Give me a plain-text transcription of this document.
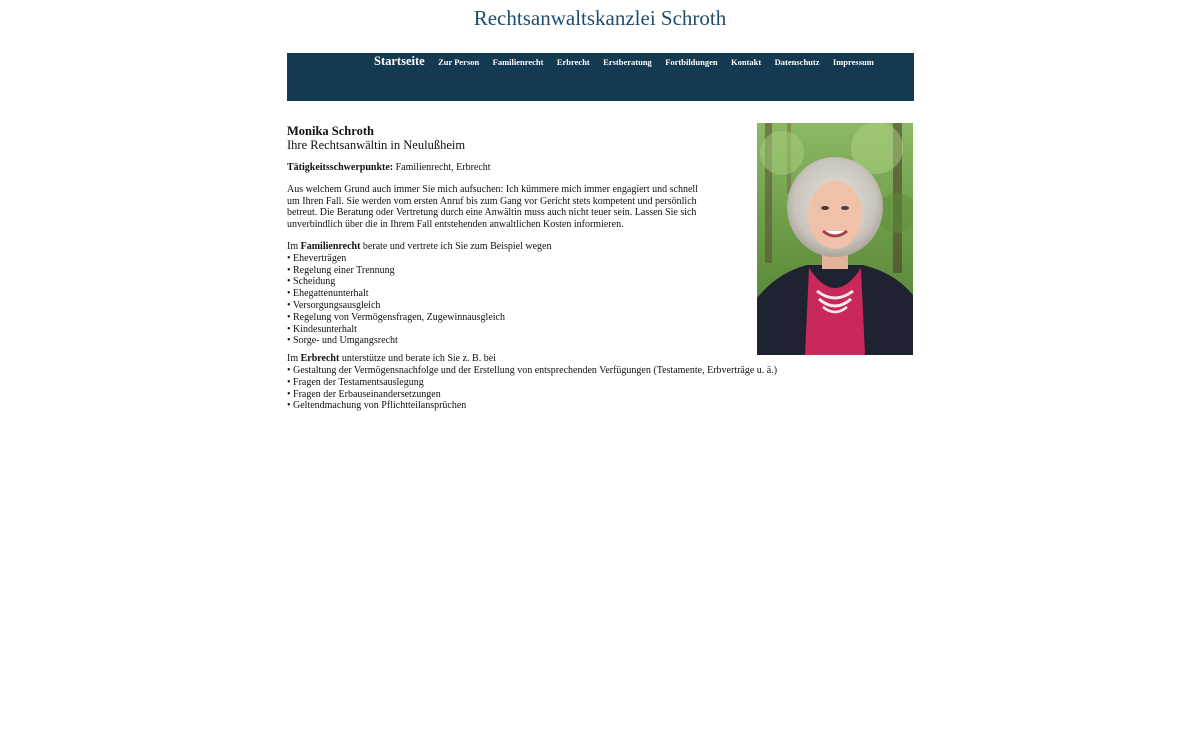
Rechtsanwaltskanzlei Schroth
Startseite Zur Person Familienrecht Erbrecht Erstberatung Fortbildungen Kontakt Datenschutz Impressum
Monika Schroth
Ihre Rechtsanwältin in Neulußheim

Tätigkeitsschwerpunkte: Familienrecht, Erbrecht

Aus welchem Grund auch immer Sie mich aufsuchen: Ich kümmere mich immer engagiert und schnell um Ihren Fall. Sie werden vom ersten Anruf bis zum Gang vor Gericht stets kompetent und persönlich betreut. Die Beratung oder Vertretung durch eine Anwältin muss auch nicht teuer sein. Lassen Sie sich unverbindlich über die in Ihrem Fall entstehenden anwaltlichen Kosten informieren.

Im Familienrecht berate und vertrete ich Sie zum Beispiel wegen

• Eheverträgen
• Regelung einer Trennung
• Scheidung
• Ehegattenunterhalt
• Versorgungsausgleich
• Regelung von Vermögensfragen, Zugewinnausgleich
• Kindesunterhalt
• Sorge- und Umgangsrecht

Im Erbrecht unterstütze und berate ich Sie z. B. bei

• Gestaltung der Vermögensnachfolge und der Erstellung von entsprechenden Verfügungen (Testamente, Erbverträge u. ä.)
• Fragen der Testamentsauslegung
• Fragen der Erbauseinandersetzungen
• Geltendmachung von Pflichtteilansprüchen
